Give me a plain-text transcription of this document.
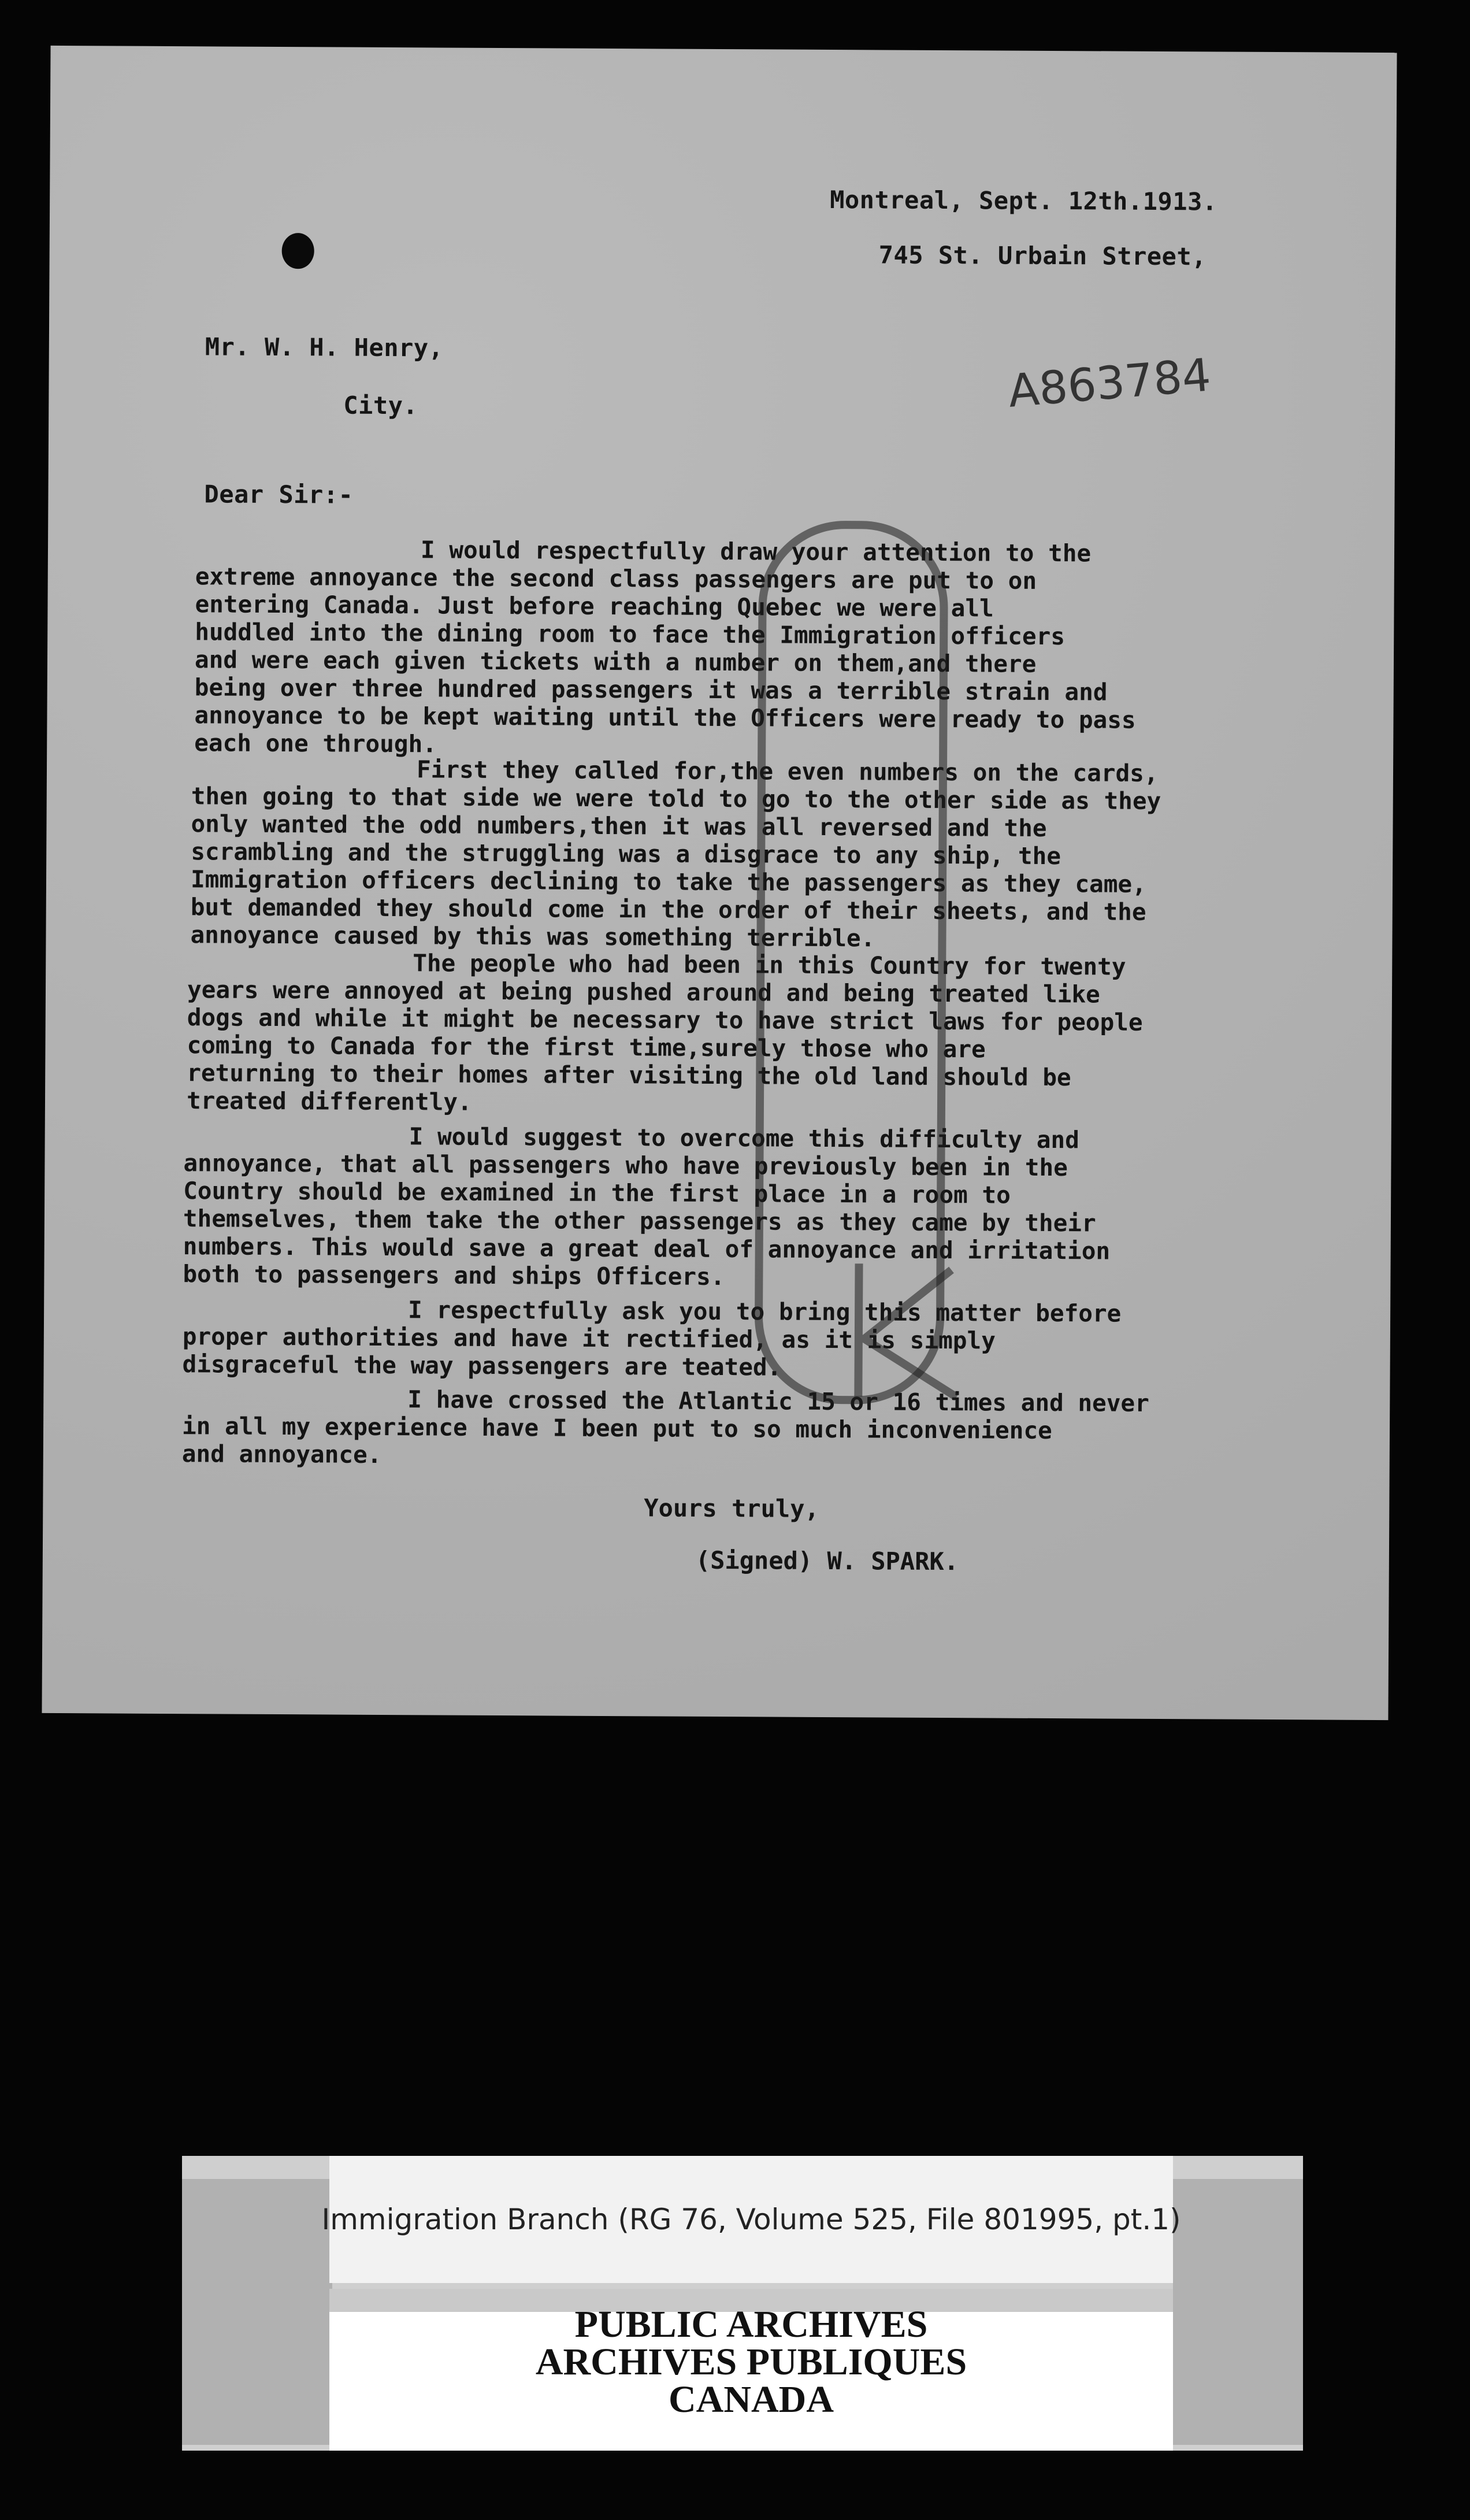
Montreal, Sept. 12th.1913.
745 St. Urbain Street,
Mr. W. H. Henry,
City.	A863784
Dear Sir:-
I would respectfully draw your attention to the
extreme annoyance the second class passengers are put to on
entering Canada. Just before reaching Quebec we were all
huddled into the dining room to face the Immigration officers
and were each given tickets with a number on them,and there
being over three hundred passengers it was a terrible strain and
annoyance to be kept waiting until the Officers were ready to pass
each one through.
First they called for,the even numbers on the cards,
then going to that side we were told to go to the other side as they
only wanted the odd numbers,then it was all reversed and the
scrambling and the struggling was a disgrace to any ship, the
Immigration officers declining to take the passengers as they came,
but demanded they should come in the order of their sheets, and the
annoyance caused by this was something terrible.
The people who had been in this Country for twenty
years were annoyed at being pushed around and being treated like
dogs and while it might be necessary to have strict laws for people
coming to Canada for the first time,surely those who are
returning to their homes after visiting the old land should be
treated differently.
I would suggest to overcome this difficulty and
annoyance, that all passengers who have previously been in the
Country should be examined in the first place in a room to
themselves, them take the other passengers as they came by their
numbers. This would save a great deal of annoyance and irritation
both to passengers and ships Officers.
I respectfully ask you to bring this matter before
proper authorities and have it rectified, as it is simply
disgraceful the way passengers are teated.
I have crossed the Atlantic 15 or 16 times and never
in all my experience have I been put to so much inconvenience
and annoyance.
Yours truly,
(Signed) W. SPARK.
Immigration Branch (RG 76, Volume 525, File 801995, pt.1)
PUBLIC ARCHIVES
ARCHIVES PUBLIQUES
CANADA
